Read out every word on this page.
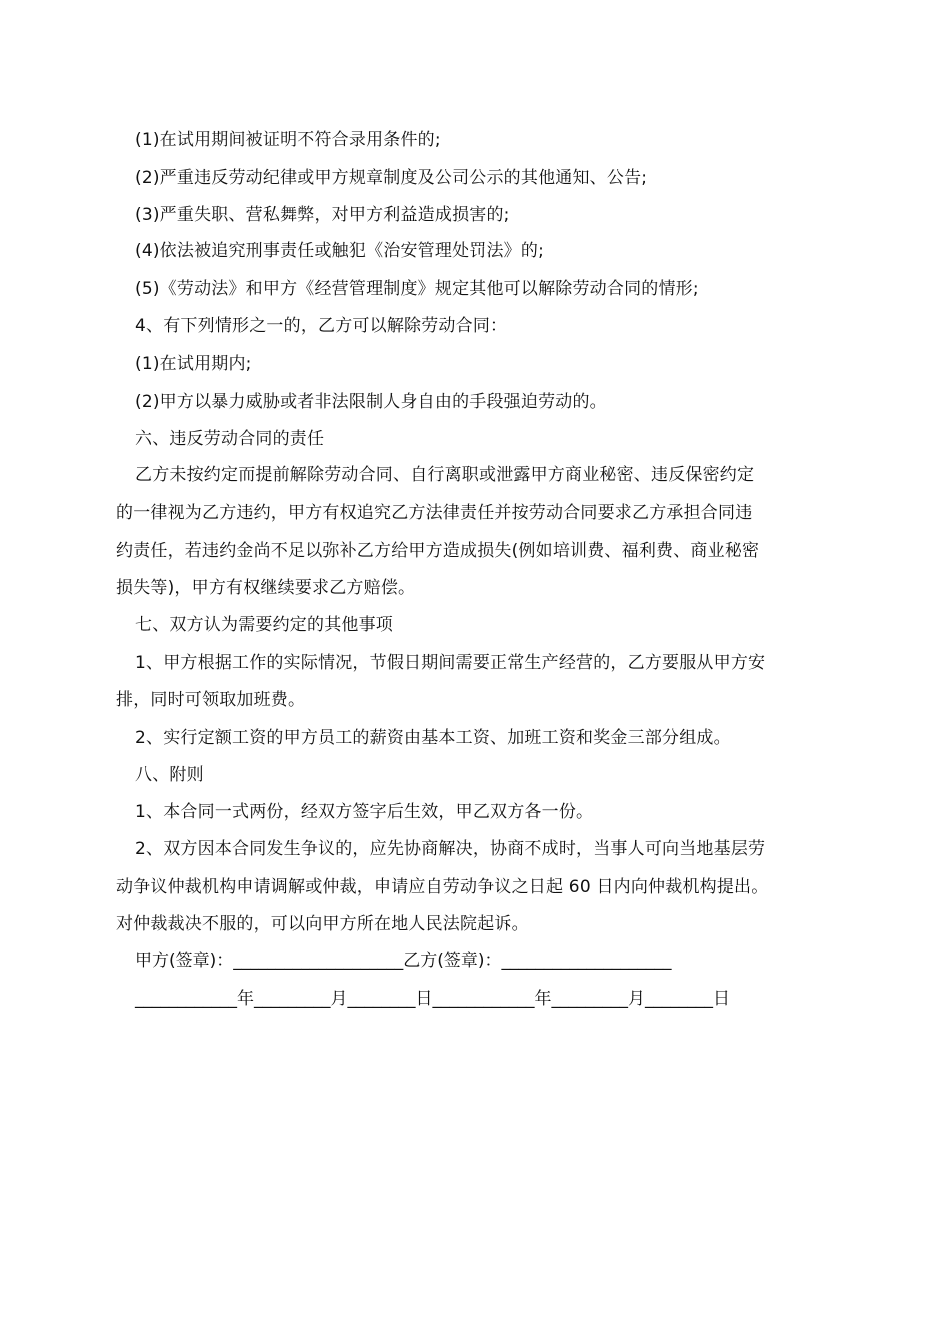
(1)在试用期间被证明不符合录用条件的;
(2)严重违反劳动纪律或甲方规章制度及公司公示的其他通知、公告;
(3)严重失职、营私舞弊，对甲方利益造成损害的;
(4)依法被追究刑事责任或触犯《治安管理处罚法》的;
(5)《劳动法》和甲方《经营管理制度》规定其他可以解除劳动合同的情形;
4、有下列情形之一的，乙方可以解除劳动合同：
(1)在试用期内;
(2)甲方以暴力威胁或者非法限制人身自由的手段强迫劳动的。
六、违反劳动合同的责任
乙方未按约定而提前解除劳动合同、自行离职或泄露甲方商业秘密、违反保密约定
的一律视为乙方违约，甲方有权追究乙方法律责任并按劳动合同要求乙方承担合同违
约责任，若违约金尚不足以弥补乙方给甲方造成损失(例如培训费、福利费、商业秘密
损失等)，甲方有权继续要求乙方赔偿。
七、双方认为需要约定的其他事项
1、甲方根据工作的实际情况，节假日期间需要正常生产经营的，乙方要服从甲方安
排，同时可领取加班费。
2、实行定额工资的甲方员工的薪资由基本工资、加班工资和奖金三部分组成。
八、附则
1、本合同一式两份，经双方签字后生效，甲乙双方各一份。
2、双方因本合同发生争议的，应先协商解决，协商不成时，当事人可向当地基层劳
动争议仲裁机构申请调解或仲裁，申请应自劳动争议之日起 60 日内向仲裁机构提出。
对仲裁裁决不服的，可以向甲方所在地人民法院起诉。
甲方(签章)：____________________乙方(签章)：____________________
____________年_________月________日____________年_________月________日
